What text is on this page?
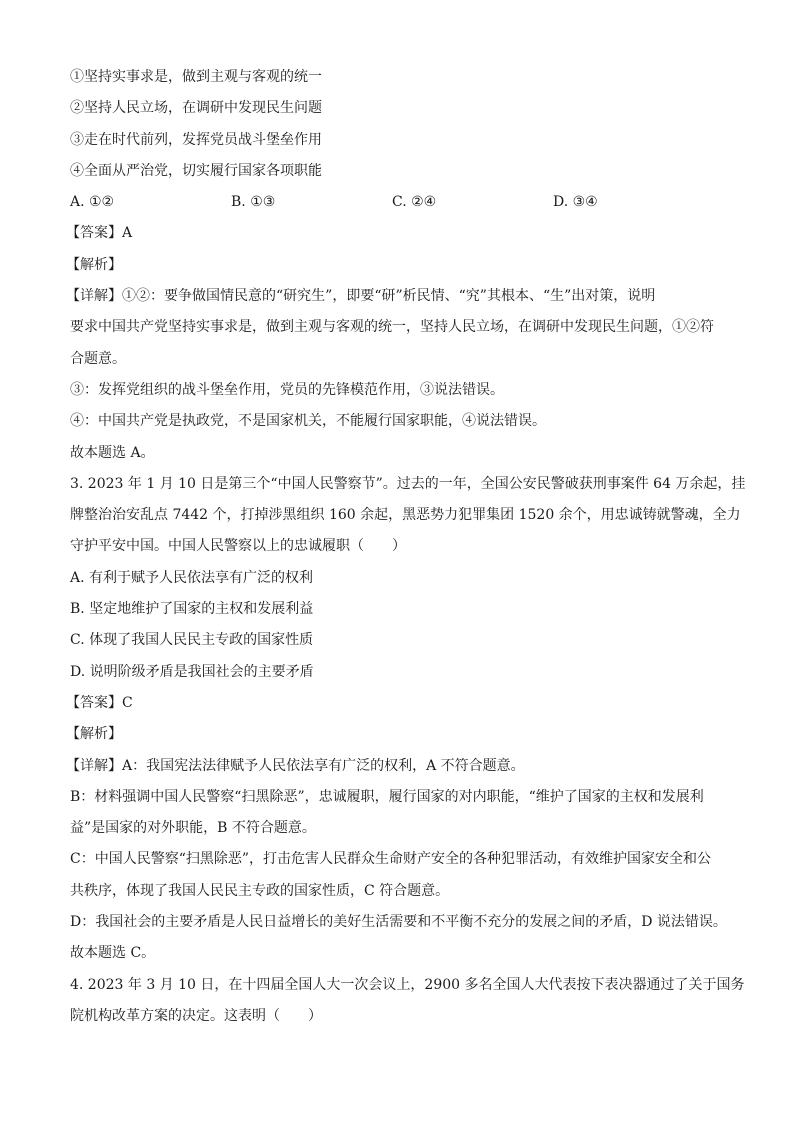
①坚持实事求是，做到主观与客观的统一
②坚持人民立场，在调研中发现民生问题
③走在时代前列，发挥党员战斗堡垒作用
④全面从严治党，切实履行国家各项职能
A. ①②	B. ①③	C. ②④	D. ③④
【答案】A
【解析】
【详解】①②：要争做国情民意的“研究生”，即要“研”析民情、“究”其根本、“生”出对策，说明
要求中国共产党坚持实事求是，做到主观与客观的统一，坚持人民立场，在调研中发现民生问题，①②符
合题意。
③：发挥党组织的战斗堡垒作用，党员的先锋模范作用，③说法错误。
④：中国共产党是执政党，不是国家机关，不能履行国家职能，④说法错误。
故本题选 A。
3. 2023 年 1 月 10 日是第三个“中国人民警察节”。过去的一年，全国公安民警破获刑事案件 64 万余起，挂
牌整治治安乱点 7442 个，打掉涉黑组织 160 余起，黑恶势力犯罪集团 1520 余个，用忠诚铸就警魂，全力
守护平安中国。中国人民警察以上的忠诚履职（　　）
A. 有利于赋予人民依法享有广泛的权利
B. 坚定地维护了国家的主权和发展利益
C. 体现了我国人民民主专政的国家性质
D. 说明阶级矛盾是我国社会的主要矛盾
【答案】C
【解析】
【详解】A：我国宪法法律赋予人民依法享有广泛的权利，A 不符合题意。
B：材料强调中国人民警察“扫黑除恶”，忠诚履职，履行国家的对内职能，“维护了国家的主权和发展利
益”是国家的对外职能，B 不符合题意。
C：中国人民警察“扫黑除恶”，打击危害人民群众生命财产安全的各种犯罪活动，有效维护国家安全和公
共秩序，体现了我国人民民主专政的国家性质，C 符合题意。
D：我国社会的主要矛盾是人民日益增长的美好生活需要和不平衡不充分的发展之间的矛盾，D 说法错误。
故本题选 C。
4. 2023 年 3 月 10 日，在十四届全国人大一次会议上，2900 多名全国人大代表按下表决器通过了关于国务
院机构改革方案的决定。这表明（　　）
